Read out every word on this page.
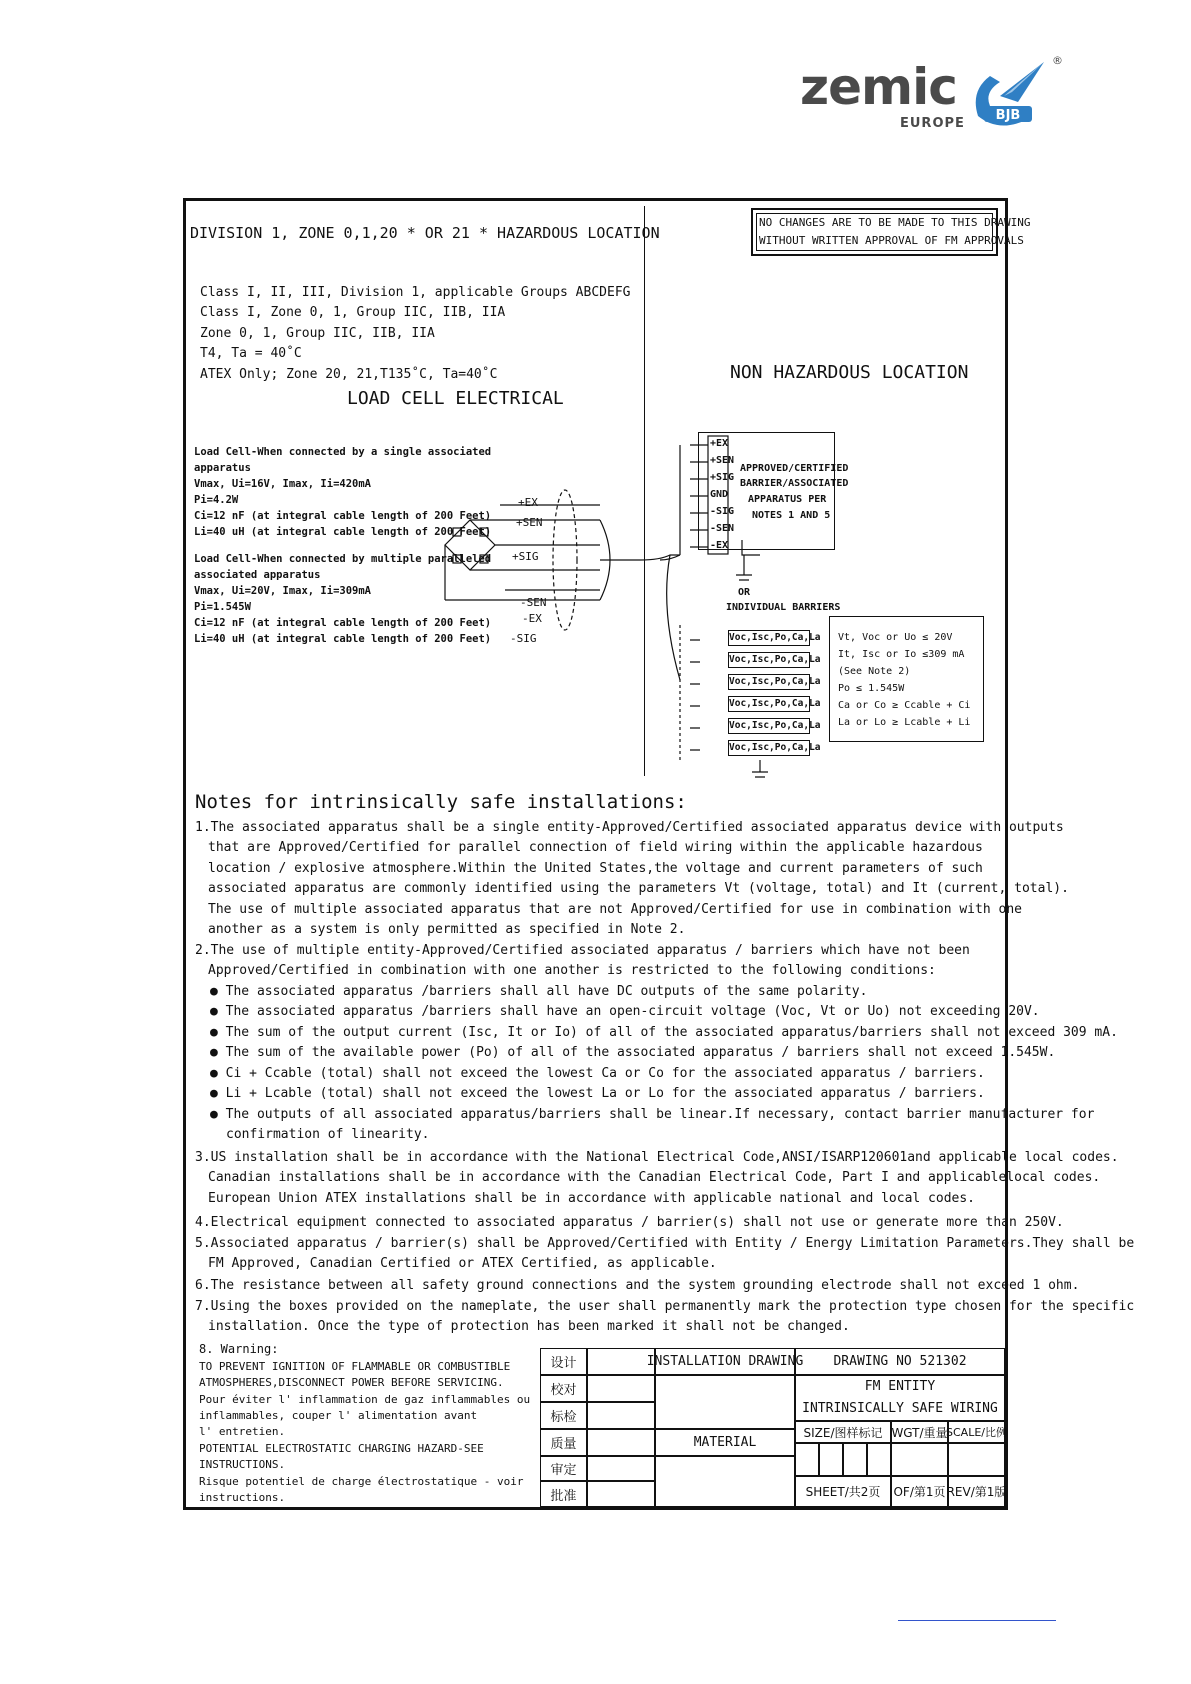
zemic
EUROPE
BJB
®
DIVISION 1, ZONE 0,1,20 * OR 21 * HAZARDOUS LOCATION
NO CHANGES ARE TO BE MADE TO THIS DRAWING
WITHOUT WRITTEN APPROVAL OF FM APPROVALS
Class I, II, III, Division 1, applicable Groups ABCDEFG
Class I, Zone 0, 1, Group IIC, IIB, IIA
Zone 0, 1, Group IIC, IIB, IIA
T4, Ta = 40˚C
ATEX Only; Zone 20, 21,T135˚C, Ta=40˚C	NON HAZARDOUS LOCATION
LOAD CELL ELECTRICAL
Load Cell-When connected by a single associated
apparatus
Vmax, Ui=16V, Imax, Ii=420mA
Pi=4.2W
Ci=12 nF (at integral cable length of 200 Feet)
Li=40 uH (at integral cable length of 200 Feet)
Load Cell-When connected by multiple paralleled
associated apparatus
Vmax, Ui=20V, Imax, Ii=309mA
Pi=1.545W
Ci=12 nF (at integral cable length of 200 Feet)
Li=40 uH (at integral cable length of 200 Feet)
+EX
+SEN
+SIG
-SEN
-EX
-SIG
+EX
+SEN
+SIG
GND
-SIG
-SEN
-EX
APPROVED/CERTIFIED
BARRIER/ASSOCIATED
APPARATUS PER
NOTES 1 AND 5
OR
INDIVIDUAL BARRIERS
Voc,Isc,Po,Ca,La
Voc,Isc,Po,Ca,La
Voc,Isc,Po,Ca,La
Voc,Isc,Po,Ca,La
Voc,Isc,Po,Ca,La
Voc,Isc,Po,Ca,La
Vt, Voc or Uo ≤ 20V
It, Isc or Io ≤309 mA
(See Note 2)
Po ≤ 1.545W
Ca or Co ≥ Ccable + Ci
La or Lo ≥ Lcable + Li
Notes for intrinsically safe installations:
1.The associated apparatus shall be a single entity-Approved/Certified associated apparatus device with outputs
that are Approved/Certified for parallel connection of field wiring within the applicable hazardous
location / explosive atmosphere.Within the United States,the voltage and current parameters of such
associated apparatus are commonly identified using the parameters Vt (voltage, total) and It (current, total).
The use of multiple associated apparatus that are not Approved/Certified for use in combination with one
another as a system is only permitted as specified in Note 2.
2.The use of multiple entity-Approved/Certified associated apparatus / barriers which have not been
Approved/Certified in combination with one another is restricted to the following conditions:
● The associated apparatus /barriers shall all have DC outputs of the same polarity.
● The associated apparatus /barriers shall have an open-circuit voltage (Voc, Vt or Uo) not exceeding 20V.
● The sum of the output current (Isc, It or Io) of all of the associated apparatus/barriers shall not exceed 309 mA.
● The sum of the available power (Po) of all of the associated apparatus / barriers shall not exceed 1.545W.
● Ci + Ccable (total) shall not exceed the lowest Ca or Co for the associated apparatus / barriers.
● Li + Lcable (total) shall not exceed the lowest La or Lo for the associated apparatus / barriers.
● The outputs of all associated apparatus/barriers shall be linear.If necessary, contact barrier manufacturer for
confirmation of linearity.
3.US installation shall be in accordance with the National Electrical Code,ANSI/ISARP120601and applicable local codes.
Canadian installations shall be in accordance with the Canadian Electrical Code, Part I and applicablelocal codes.
European Union ATEX installations shall be in accordance with applicable national and local codes.
4.Electrical equipment connected to associated apparatus / barrier(s) shall not use or generate more than 250V.
5.Associated apparatus / barrier(s) shall be Approved/Certified with Entity / Energy Limitation Parameters.They shall be
FM Approved, Canadian Certified or ATEX Certified, as applicable.
6.The resistance between all safety ground connections and the system grounding electrode shall not exceed 1 ohm.
7.Using the boxes provided on the nameplate, the user shall permanently mark the protection type chosen for the specific
installation. Once the type of protection has been marked it shall not be changed.
8. Warning:
TO PREVENT IGNITION OF FLAMMABLE OR COMBUSTIBLE
ATMOSPHERES,DISCONNECT POWER BEFORE SERVICING.
Pour éviter l' inflammation de gaz inflammables ou
inflammables, couper l' alimentation avant
l' entretien.
POTENTIAL ELECTROSTATIC CHARGING HAZARD-SEE
INSTRUCTIONS.
Risque potentiel de charge électrostatique - voir
instructions.
设计
校对
标检
质量
审定
批准
INSTALLATION DRAWING
MATERIAL
DRAWING NO 521302
FM ENTITY
INTRINSICALLY SAFE WIRING
SIZE/图样标记 WGT/重量
SCALE/比例
SHEET/共2页	OF/第1页 REV/第1版
